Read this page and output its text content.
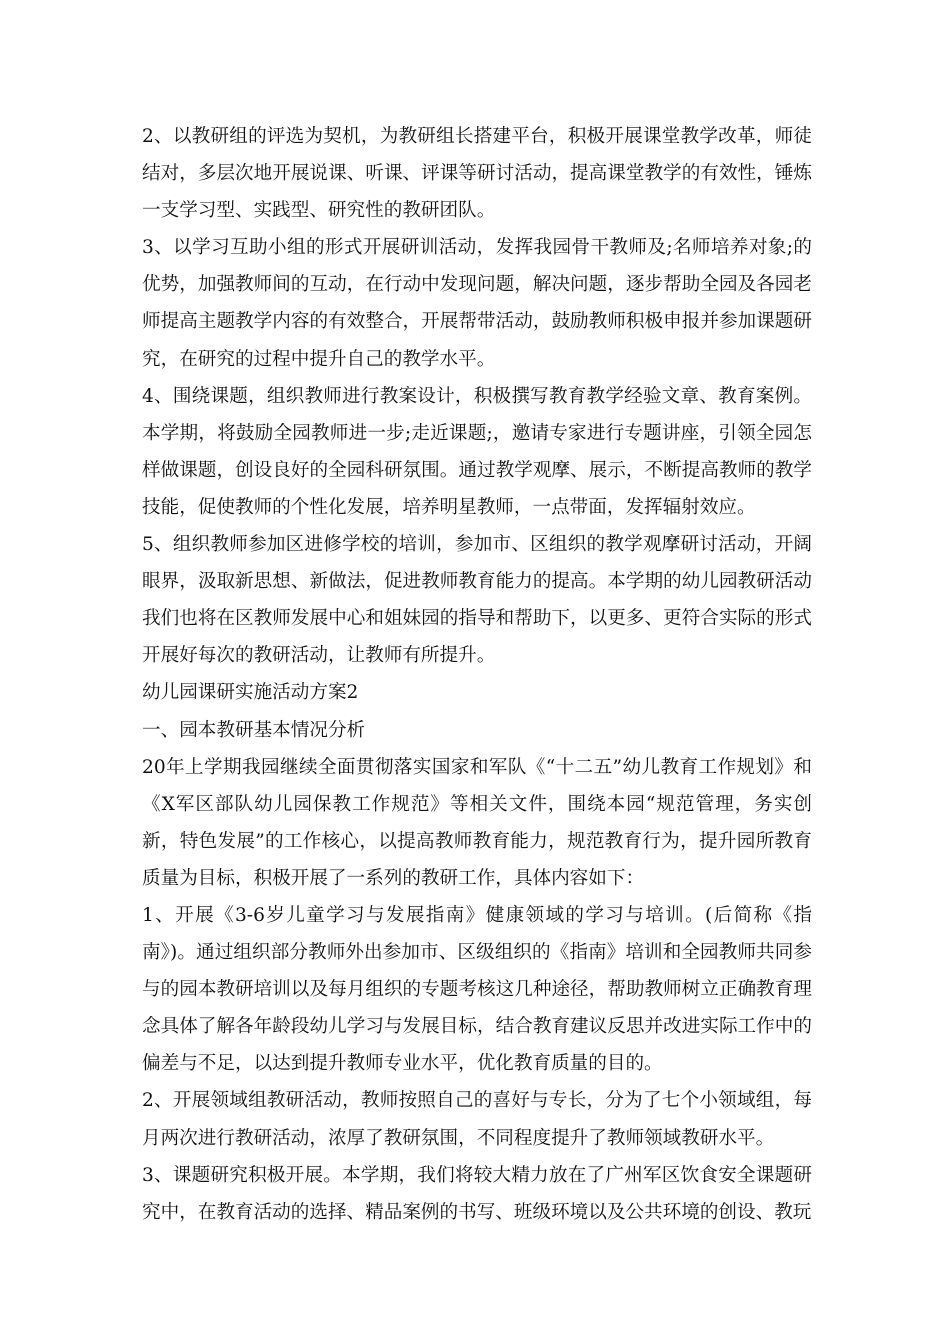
2、以教研组的评选为契机，为教研组长搭建平台，积极开展课堂教学改革，师徒结对，多层次地开展说课、听课、评课等研讨活动，提高课堂教学的有效性，锤炼一支学习型、实践型、研究性的教研团队。

3、以学习互助小组的形式开展研训活动，发挥我园骨干教师及;名师培养对象;的优势，加强教师间的互动，在行动中发现问题，解决问题，逐步帮助全园及各园老师提高主题教学内容的有效整合，开展帮带活动，鼓励教师积极申报并参加课题研究，在研究的过程中提升自己的教学水平。

4、围绕课题，组织教师进行教案设计，积极撰写教育教学经验文章、教育案例。本学期，将鼓励全园教师进一步;走近课题;，邀请专家进行专题讲座，引领全园怎样做课题，创设良好的全园科研氛围。通过教学观摩、展示，不断提高教师的教学技能，促使教师的个性化发展，培养明星教师，一点带面，发挥辐射效应。

5、组织教师参加区进修学校的培训，参加市、区组织的教学观摩研讨活动，开阔眼界，汲取新思想、新做法，促进教师教育能力的提高。本学期的幼儿园教研活动我们也将在区教师发展中心和姐妹园的指导和帮助下，以更多、更符合实际的形式开展好每次的教研活动，让教师有所提升。

幼儿园课研实施活动方案2

一、园本教研基本情况分析

20年上学期我园继续全面贯彻落实国家和军队《“十二五”幼儿教育工作规划》和《X军区部队幼儿园保教工作规范》等相关文件，围绕本园“规范管理，务实创新，特色发展”的工作核心，以提高教师教育能力，规范教育行为，提升园所教育质量为目标，积极开展了一系列的教研工作，具体内容如下：

1、开展《3-6岁儿童学习与发展指南》健康领域的学习与培训。(后简称《指南》)。通过组织部分教师外出参加市、区级组织的《指南》培训和全园教师共同参与的园本教研培训以及每月组织的专题考核这几种途径，帮助教师树立正确教育理念具体了解各年龄段幼儿学习与发展目标，结合教育建议反思并改进实际工作中的偏差与不足，以达到提升教师专业水平，优化教育质量的目的。

2、开展领域组教研活动，教师按照自己的喜好与专长，分为了七个小领域组，每月两次进行教研活动，浓厚了教研氛围，不同程度提升了教师领域教研水平。

3、课题研究积极开展。本学期，我们将较大精力放在了广州军区饮食安全课题研究中，在教育活动的选择、精品案例的书写、班级环境以及公共环境的创设、教玩
